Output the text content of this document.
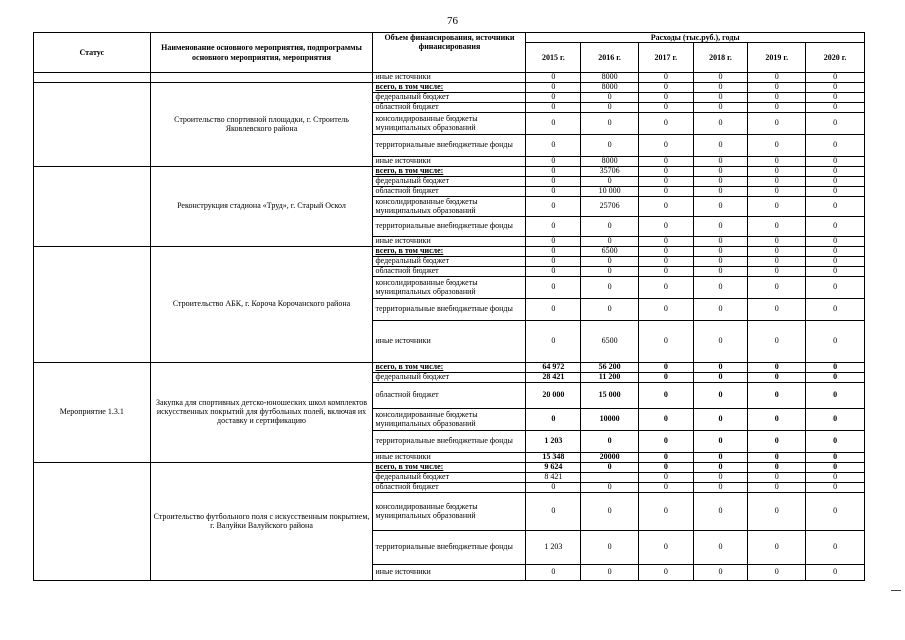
76
Статус	Наименование основного мероприятия, подпрограммы основного мероприятия, мероприятия	Объем финансирования, источники финансирования	Расходы (тыс.руб.), годы					
			2015 г.	2016 г.	2017 г.	2018 г.	2019 г.	2020 г.
		иные источники	0	8000	0	0	0	0
	Строительство спортивной площадки, г. Строитель Яковлевского района	всего, в том числе:	0	8000	0	0	0	0
		федеральный бюджет	0	0	0	0	0	0
		областной бюджет	0	0	0	0	0	0
		консолидированные бюджеты муниципальных образований	0	0	0	0	0	0
		территориальные внебюджетные фонды	0	0	0	0	0	0
		иные источники	0	8000	0	0	0	0
	Реконструкция стадиона «Труд», г. Старый Оскол	всего, в том числе:	0	35706	0	0	0	0
		федеральный бюджет	0	0	0	0	0	0
		областной бюджет	0	10 000	0	0	0	0
		консолидированные бюджеты муниципальных образований	0	25706	0	0	0	0
		территориальные внебюджетные фонды	0	0	0	0	0	0
		иные источники	0	0	0	0	0	0
	Строительство АБК, г. Короча Корочанского района	всего, в том числе:	0	6500	0	0	0	0
		федеральный бюджет	0	0	0	0	0	0
		областной бюджет	0	0	0	0	0	0
		консолидированные бюджеты муниципальных образований	0	0	0	0	0	0
		территориальные внебюджетные фонды	0	0	0	0	0	0
		иные источники	0	6500	0	0	0	0
Мероприятие 1.3.1	Закупка для спортивных детско-юношеских школ комплектов искусственных покрытий для футбольных полей, включая их доставку и сертификацию	всего, в том числе:	64 972	56 200	0	0	0	0
		федеральный бюджет	28 421	11 200	0	0	0	0
		областной бюджет	20 000	15 000	0	0	0	0
		консолидированные бюджеты муниципальных образований	0	10000	0	0	0	0
		территориальные внебюджетные фонды	1 203	0	0	0	0	0
		иные источники	15 348	20000	0	0	0	0
	Строительство футбольного поля с искусственным покрытием, г. Валуйки Валуйского района	всего, в том числе:	9 624	0	0	0	0	0
		федеральный бюджет	8 421		0	0	0	0
		областной бюджет	0	0	0	0	0	0
		консолидированные бюджеты муниципальных образований	0	0	0	0	0	0
		территориальные внебюджетные фонды	1 203	0	0	0	0	0
		иные источники	0	0	0	0	0	0
